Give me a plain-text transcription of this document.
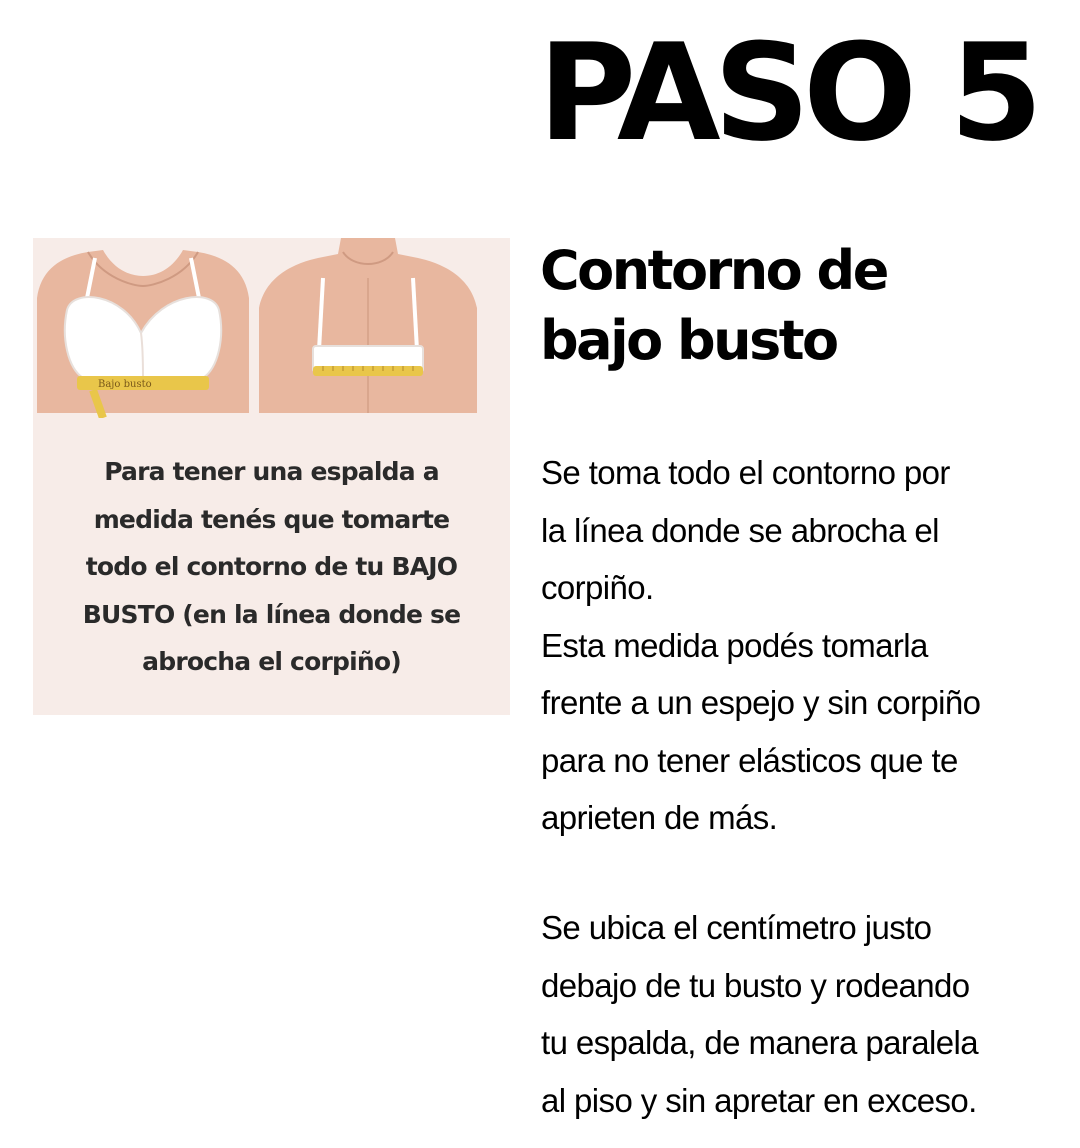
PASO 5
Contorno de
bajo busto
Bajo busto
Para tener una espalda a
medida tenés que tomarte
todo el contorno de tu BAJO
BUSTO (en la línea donde se
abrocha el corpiño)
Se toma todo el contorno por
la línea donde se abrocha el
corpiño.
Esta medida podés tomarla
frente a un espejo y sin corpiño
para no tener elásticos que te
aprieten de más.
Se ubica el centímetro justo
debajo de tu busto y rodeando
tu espalda, de manera paralela
al piso y sin apretar en exceso.
